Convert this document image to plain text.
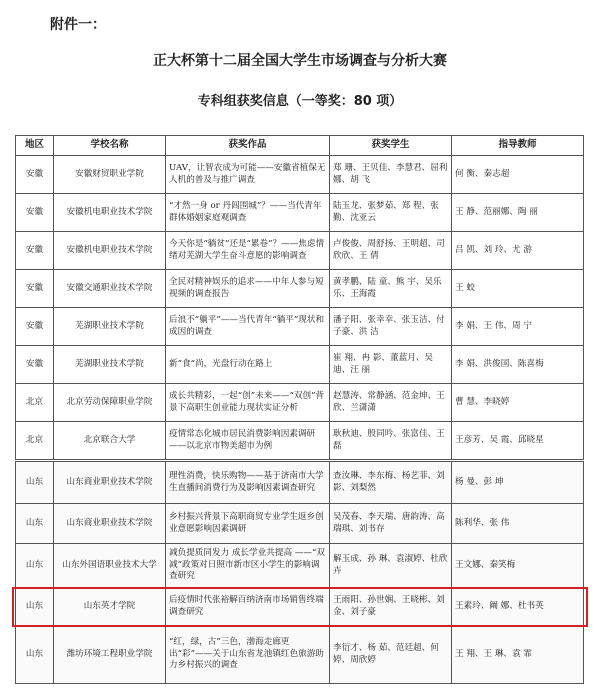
附件一：
正大杯第十二届全国大学生市场调查与分析大赛
专科组获奖信息（一等奖：80 项）
地区	学校名称	获奖作品	获奖学生	指导教师
安徽	安徽财贸职业学院	UAV，让智农成为可能——安徽省植保无人机的普及与推广调查	郑 珊、王贝佳、李慧君、屈利娜、胡 飞	何 衡、秦志超
安徽	安徽机电职业技术学院	“才然一身 or 丹闾围城”？——当代青年群体婚姻家庭观调查	陆玉龙、张梦茹、郑 程、张 勤、沈亚云	王 静、范丽娜、陶 丽
安徽	安徽机电职业技术学院	今天你是“躺贫”还是“累卷”？——焦虑情绪对芜湖大学生奋斗意愿的影响调查	卢俊俊、周舒扬、王明超、司欣欣、王 倩	吕 凯、刘 玲、尤 游
安徽	安徽交通职业技术学院	全民对精神娱乐的追求——中年人参与短视频的调查报告	黄孝鹏、陆 童、熊 宇、吴乐乐、王海霞	王 蛟
安徽	芜湖职业技术学院	后浪不“躺平”——当代青年“躺平”现状和成因的调查	潘子阳、张幸幸、张玉洁、付子豪、洪 洁	李 娟、王 伟、周 宁
安徽	芜湖职业技术学院	新”食“尚，光盘行动在路上	崔 翔、冉 影、董蓝月、吴 迪、汪 丽	李 娟、洪俊国、陈喜梅
北京	北京劳动保障职业学院	成长共精彩，一起“创”未来——“双创”背景下高职生创业能力现状实证分析	赵慧涛、常静涵、范金坤、王 欣、兰潇潇	曹 慧、李晓婷
北京	北京联合大学	疫情常态化城市居民消费影响因素调研——以北京市物美超市为例	耿秋迪、殷同吟、张富佳、王 磊	王彦芳、吴 霞、邱晓星
山东	山东商业职业技术学院	理性消费，快乐购物——基于济南市大学生直播间消费行为及影响因素调查研究	查汝琳、李东梅、杨艺菲、刘 影、刘梨然	杨 曼、彭 坤
山东	山东商业职业技术学院	乡村振兴背景下高职商贸专业学生返乡创业意愿影响因素调研	吴茂春、李天瑞、唐韵涛、高瑞琪、刘书存	陈利华、张 伟
山东	山东外国语职业技术大学	减负提质同发力 成长学业共提高 ——“双减”政策对日照市新市区小学生的影响调查研究	解玉成、孙 琳、袁淑婷、杜欣卉	王文娜、秦笑梅
山东	山东英才学院	后疫情时代张裕解百纳济南市场销售终端调查研究	王雨阳、孙世娴、王晓彬、刘 金、刘子豪	王素玲、阚 娜、杜书英
山东	潍坊环境工程职业学院	“红，绿，古”三色，渤海走廊更出“彩”——关于山东省龙池镇红色旅游助力乡村振兴的调查	李衍才、杨 茹、范廷超、何 婷、周欣婷	王 翔、王 琳、袁 霏
